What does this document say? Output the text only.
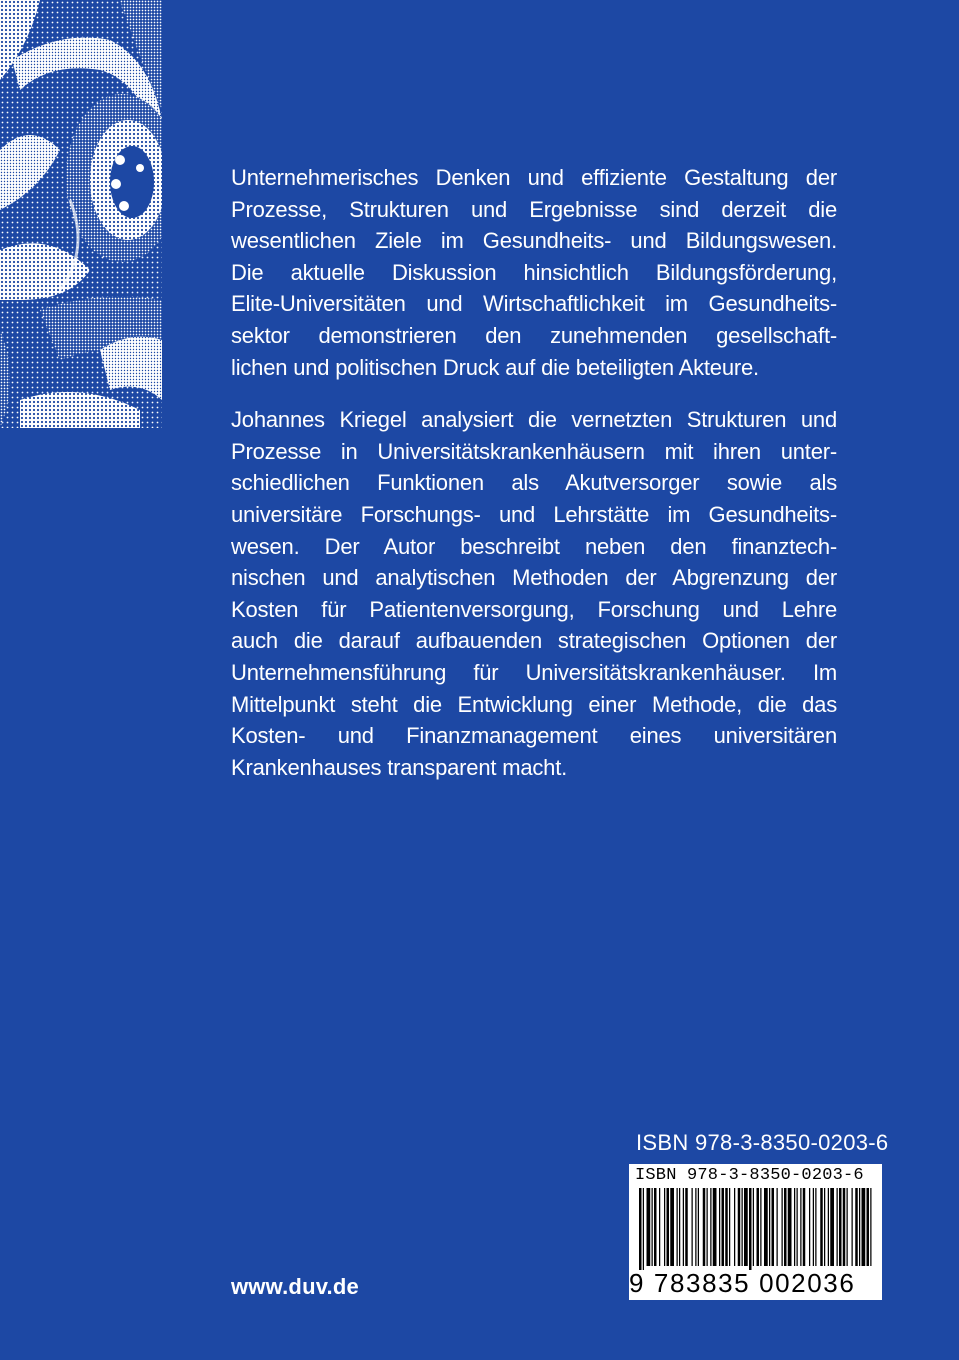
Unternehmerisches Denken und effiziente Gestaltung der
Prozesse, Strukturen und Ergebnisse sind derzeit die
wesentlichen Ziele im Gesundheits- und Bildungswesen.
Die aktuelle Diskussion hinsichtlich Bildungsförderung,
Elite-Universitäten und Wirtschaftlichkeit im Gesundheits-
sektor demonstrieren den zunehmenden gesellschaft-
lichen und politischen Druck auf die beteiligten Akteure.

Johannes Kriegel analysiert die vernetzten Strukturen und
Prozesse in Universitätskrankenhäusern mit ihren unter-
schiedlichen Funktionen als Akutversorger sowie als
universitäre Forschungs- und Lehrstätte im Gesundheits-
wesen. Der Autor beschreibt neben den finanztech-
nischen und analytischen Methoden der Abgrenzung der
Kosten für Patientenversorgung, Forschung und Lehre
auch die darauf aufbauenden strategischen Optionen der
Unternehmensführung für Universitätskrankenhäuser. Im
Mittelpunkt steht die Entwicklung einer Methode, die das
Kosten- und Finanzmanagement eines universitären
Krankenhauses transparent macht.

ISBN 978-3-8350-0203-6
ISBN 978-3-8350-0203-6
9 783835 002036
www.duv.de
